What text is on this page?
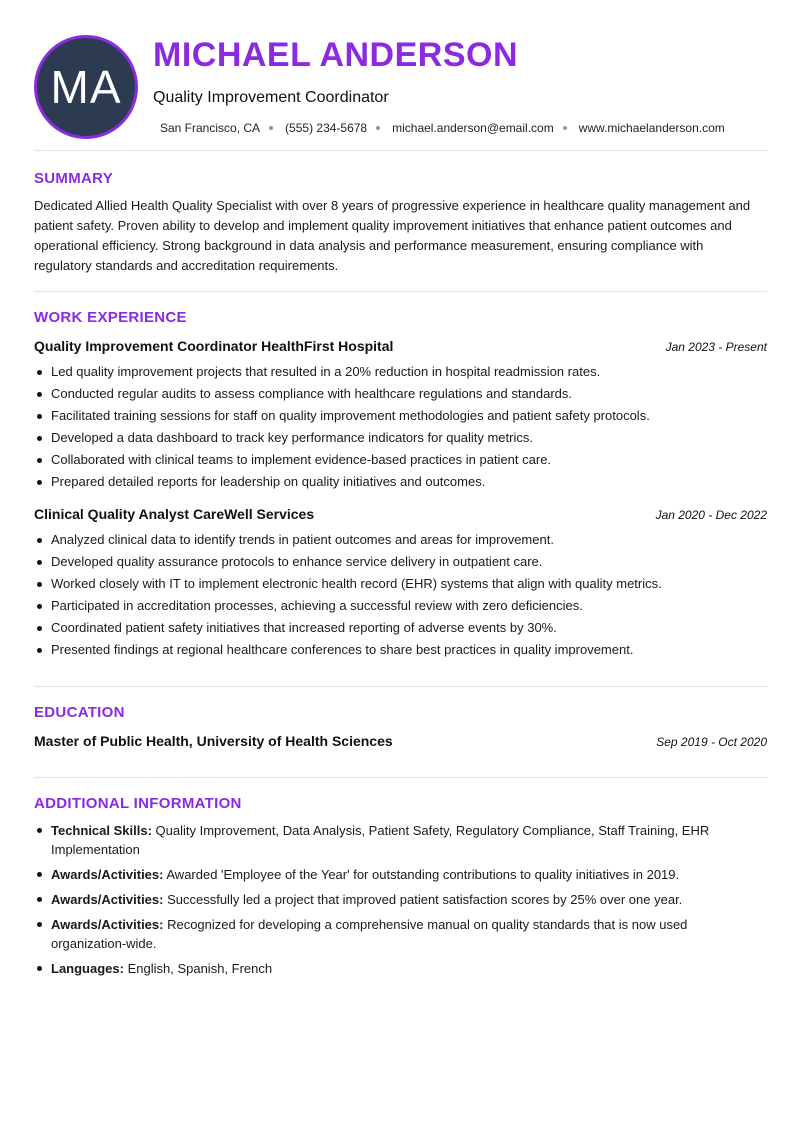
MA
MICHAEL ANDERSON
Quality Improvement Coordinator
San Francisco, CA (555) 234-5678 michael.anderson@email.com www.michaelanderson.com
SUMMARY

Dedicated Allied Health Quality Specialist with over 8 years of progressive experience in healthcare quality management and patient safety. Proven ability to develop and implement quality improvement initiatives that enhance patient outcomes and operational efficiency. Strong background in data analysis and performance measurement, ensuring compliance with regulatory standards and accreditation requirements.

WORK EXPERIENCE
Quality Improvement Coordinator HealthFirst Hospital	Jan 2023 - Present
Led quality improvement projects that resulted in a 20% reduction in hospital readmission rates.
Conducted regular audits to assess compliance with healthcare regulations and standards.
Facilitated training sessions for staff on quality improvement methodologies and patient safety protocols.
Developed a data dashboard to track key performance indicators for quality metrics.
Collaborated with clinical teams to implement evidence-based practices in patient care.
Prepared detailed reports for leadership on quality initiatives and outcomes.
Clinical Quality Analyst CareWell Services	Jan 2020 - Dec 2022
Analyzed clinical data to identify trends in patient outcomes and areas for improvement.
Developed quality assurance protocols to enhance service delivery in outpatient care.
Worked closely with IT to implement electronic health record (EHR) systems that align with quality metrics.
Participated in accreditation processes, achieving a successful review with zero deficiencies.
Coordinated patient safety initiatives that increased reporting of adverse events by 30%.
Presented findings at regional healthcare conferences to share best practices in quality improvement.
EDUCATION
Master of Public Health, University of Health Sciences	Sep 2019 - Oct 2020
ADDITIONAL INFORMATION
Technical Skills: Quality Improvement, Data Analysis, Patient Safety, Regulatory Compliance, Staff Training, EHR Implementation
Awards/Activities: Awarded 'Employee of the Year' for outstanding contributions to quality initiatives in 2019.
Awards/Activities: Successfully led a project that improved patient satisfaction scores by 25% over one year.
Awards/Activities: Recognized for developing a comprehensive manual on quality standards that is now used organization-wide.
Languages: English, Spanish, French
